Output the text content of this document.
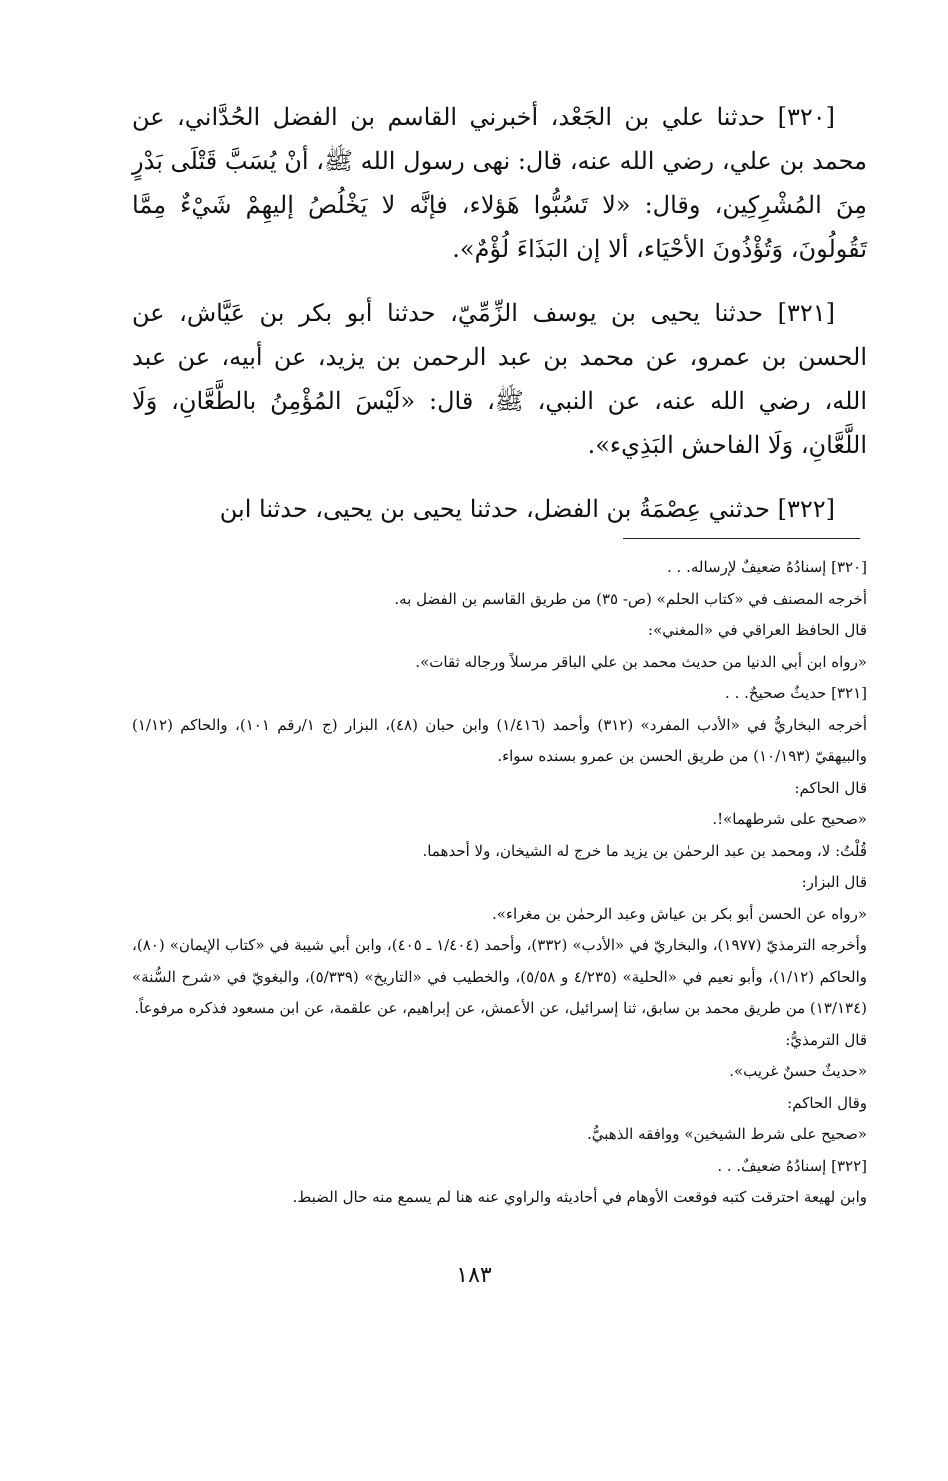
[٣٢٠] حدثنا علي بن الجَعْد، أخبرني القاسم بن الفضل الحُدَّاني، عن محمد بن علي، رضي الله عنه، قال: نهى رسول الله ﷺ، أنْ يُسَبَّ قَتْلَى بَدْرٍ مِنَ المُشْرِكِين، وقال: «لا تَسُبُّوا هَؤلاء، فإنَّه لا يَخْلُصُ إليهِمْ شَيْءٌ مِمَّا تَقُولُونَ، وَتُؤْذُونَ الأحْيَاء، ألا إن البَذَاءَ لُؤْمٌ».

[٣٢١] حدثنا يحيى بن يوسف الزِّمِّيّ، حدثنا أبو بكر بن عَيَّاش، عن الحسن بن عمرو، عن محمد بن عبد الرحمن بن يزيد، عن أبيه، عن عبد الله، رضي الله عنه، عن النبي، ﷺ، قال: «لَيْسَ المُؤْمِنُ بالطَّعَّانِ، وَلَا اللَّعَّانِ، وَلَا الفاحش البَذِيء».

[٣٢٢] حدثني عِصْمَةُ بن الفضل، حدثنا يحيى بن يحيى، حدثنا ابن

[٣٢٠] إسنادُهُ ضعيفٌ لإرساله. . .
أخرجه المصنف في «كتاب الحلم» (ص- ٣٥) من طريق القاسم بن الفضل به.
قال الحافظ العراقي في «المغني»:
«رواه ابن أبي الدنيا من حديث محمد بن علي الباقر مرسلاً ورجاله ثقات».
[٣٢١] حديثٌ صحيحٌ. . .
أخرجه البخاريُّ في «الأدب المفرد» (٣١٢) وأحمد (١/٤١٦) وابن حبان (٤٨)، البزار (ج ١/رقم ١٠١)، والحاكم (١/١٢) والبيهقيّ (١٠/١٩٣) من طريق الحسن بن عمرو بسنده سواء.
قال الحاكم:
«صحيح على شرطهما»!.
قُلْتُ: لا، ومحمد بن عبد الرحمٰن بن يزيد ما خرج له الشيخان، ولا أحدهما.
قال البزار:
«رواه عن الحسن أبو بكر بن عياش وعبد الرحمٰن بن مغراء».
وأخرجه الترمذيّ (١٩٧٧)، والبخاريّ في «الأدب» (٣٣٢)، وأحمد (١/٤٠٤ ـ ٤٠٥)، وابن أبي شيبة في «كتاب الإيمان» (٨٠)، والحاكم (١/١٢)، وأبو نعيم في «الحلية» (٤/٢٣٥ و ٥/٥٨)، والخطيب في «التاريخ» (٥/٣٣٩)، والبغويّ في «شرح السُّنة» (١٣/١٣٤) من طريق محمد بن سابق، ثنا إسرائيل، عن الأعمش، عن إبراهيم، عن علقمة، عن ابن مسعود فذكره مرفوعاً.
قال الترمذيُّ:
«حديثٌ حسنٌ غريب».
وقال الحاكم:
«صحيح على شرط الشيخين» ووافقه الذهبيُّ.
[٣٢٢] إسنادُهُ ضعيفٌ. . .
وابن لهيعة احترقت كتبه فوقعت الأوهام في أحاديثه والراوي عنه هنا لم يسمع منه حال الضبط.
١٨٣
